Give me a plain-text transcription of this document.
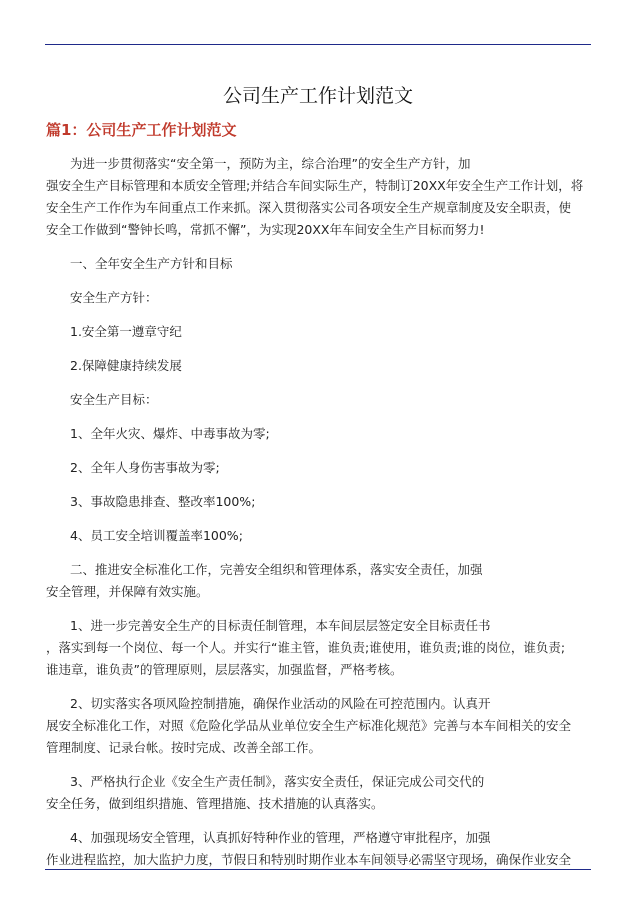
公司生产工作计划范文
篇1：公司生产工作计划范文

为进一步贯彻落实“安全第一，预防为主，综合治理”的安全生产方针，加
强安全生产目标管理和本质安全管理;并结合车间实际生产，特制订20XX年安全生产工作计划，将
安全生产工作作为车间重点工作来抓。深入贯彻落实公司各项安全生产规章制度及安全职责，使
安全工作做到“警钟长鸣，常抓不懈”，为实现20XX年车间安全生产目标而努力!

一、全年安全生产方针和目标

安全生产方针：

1.安全第一遵章守纪

2.保障健康持续发展

安全生产目标：

1、全年火灾、爆炸、中毒事故为零;

2、全年人身伤害事故为零;

3、事故隐患排查、整改率100%;

4、员工安全培训覆盖率100%;

二、推进安全标准化工作，完善安全组织和管理体系，落实安全责任，加强
安全管理，并保障有效实施。

1、进一步完善安全生产的目标责任制管理，本车间层层签定安全目标责任书
，落实到每一个岗位、每一个人。并实行“谁主管，谁负责;谁使用，谁负责;谁的岗位，谁负责;
谁违章，谁负责”的管理原则，层层落实，加强监督，严格考核。

2、切实落实各项风险控制措施，确保作业活动的风险在可控范围内。认真开
展安全标准化工作，对照《危险化学品从业单位安全生产标准化规范》完善与本车间相关的安全
管理制度、记录台帐。按时完成、改善全部工作。

3、严格执行企业《安全生产责任制》，落实安全责任，保证完成公司交代的
安全任务，做到组织措施、管理措施、技术措施的认真落实。

4、加强现场安全管理，认真抓好特种作业的管理，严格遵守审批程序，加强
作业进程监控，加大监护力度，节假日和特别时期作业本车间领导必需坚守现场，确保作业安全
